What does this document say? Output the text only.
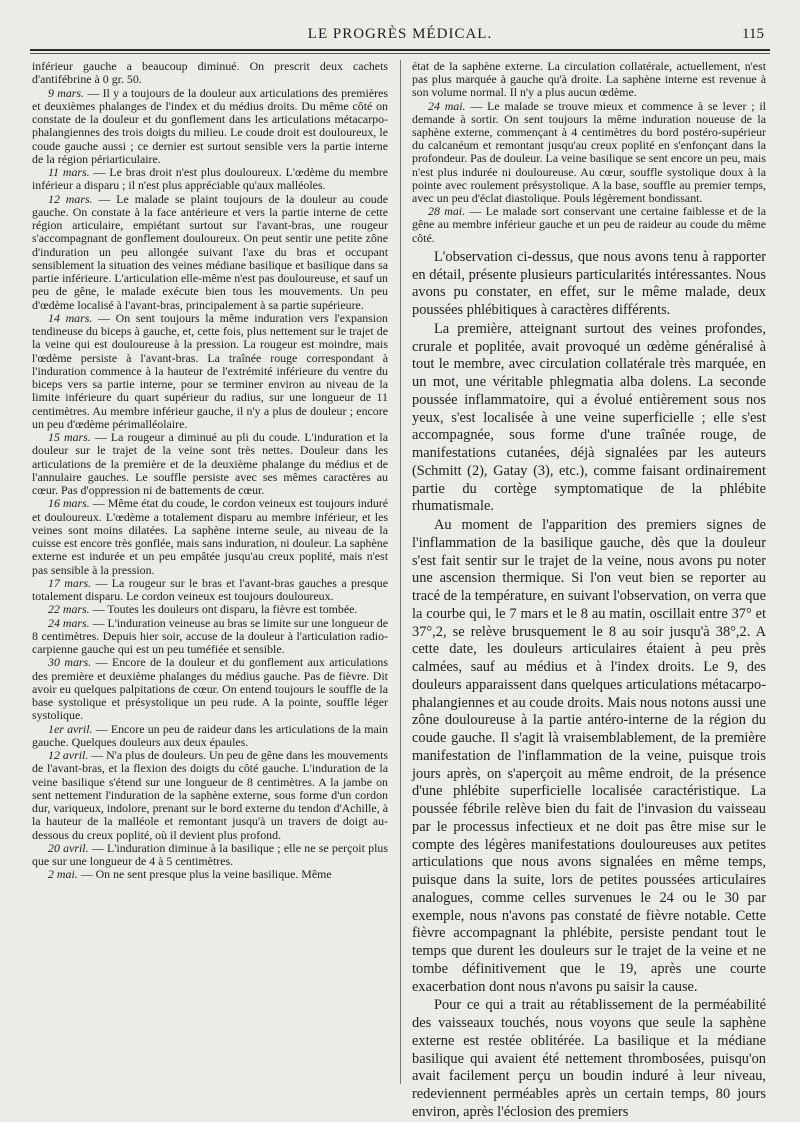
LE PROGRÈS MÉDICAL.	115

inférieur gauche a beaucoup diminué. On prescrit deux cachets d'antifébrine à 0 gr. 50.

9 mars. — Il y a toujours de la douleur aux articulations des premières et deuxièmes phalanges de l'index et du médius droits. Du même côté on constate de la douleur et du gonflement dans les articulations métacarpo-phalangiennes des trois doigts du milieu. Le coude droit est douloureux, le coude gauche aussi ; ce dernier est surtout sensible vers la partie interne de la région périarticulaire.

11 mars. — Le bras droit n'est plus douloureux. L'œdème du membre inférieur a disparu ; il n'est plus appréciable qu'aux malléoles.

12 mars. — Le malade se plaint toujours de la douleur au coude gauche. On constate à la face antérieure et vers la partie interne de cette région articulaire, empiétant surtout sur l'avant-bras, une rougeur s'accompagnant de gonflement douloureux. On peut sentir une petite zône d'induration un peu allongée suivant l'axe du bras et occupant sensiblement la situation des veines médiane basilique et basilique dans sa partie inférieure. L'articulation elle-même n'est pas douloureuse, et sauf un peu de gêne, le malade exécute bien tous les mouvements. Un peu d'œdème localisé à l'avant-bras, principalement à sa partie supérieure.

14 mars. — On sent toujours la même induration vers l'expansion tendineuse du biceps à gauche, et, cette fois, plus nettement sur le trajet de la veine qui est douloureuse à la pression. La rougeur est moindre, mais l'œdème persiste à l'avant-bras. La traînée rouge correspondant à l'induration commence à la hauteur de l'extrémité inférieure du ventre du biceps vers sa partie interne, pour se terminer environ au niveau de la limite inférieure du quart supérieur du radius, sur une longueur de 11 centimètres. Au membre inférieur gauche, il n'y a plus de douleur ; encore un peu d'œdème périmalléolaire.

15 mars. — La rougeur a diminué au pli du coude. L'induration et la douleur sur le trajet de la veine sont très nettes. Douleur dans les articulations de la première et de la deuxième phalange du médius et de l'annulaire gauches. Le souffle persiste avec ses mêmes caractères au cœur. Pas d'oppression ni de battements de cœur.

16 mars. — Même état du coude, le cordon veineux est toujours induré et douloureux. L'œdème a totalement disparu au membre inférieur, et les veines sont moins dilatées. La saphène interne seule, au niveau de la cuisse est encore très gonflée, mais sans induration, ni douleur. La saphène externe est indurée et un peu empâtée jusqu'au creux poplité, mais n'est pas sensible à la pression.

17 mars. — La rougeur sur le bras et l'avant-bras gauches a presque totalement disparu. Le cordon veineux est toujours douloureux.

22 mars. — Toutes les douleurs ont disparu, la fièvre est tombée.

24 mars. — L'induration veineuse au bras se limite sur une longueur de 8 centimètres. Depuis hier soir, accuse de la douleur à l'articulation radio-carpienne gauche qui est un peu tuméfiée et sensible.

30 mars. — Encore de la douleur et du gonflement aux articulations des première et deuxième phalanges du médius gauche. Pas de fièvre. Dit avoir eu quelques palpitations de cœur. On entend toujours le souffle de la base systolique et présystolique un peu rude. A la pointe, souffle léger systolique.

1er avril. — Encore un peu de raideur dans les articulations de la main gauche. Quelques douleurs aux deux épaules.

12 avril. — N'a plus de douleurs. Un peu de gêne dans les mouvements de l'avant-bras, et la flexion des doigts du côté gauche. L'induration de la veine basilique s'étend sur une longueur de 8 centimètres. A la jambe on sent nettement l'induration de la saphène externe, sous forme d'un cordon dur, variqueux, indolore, prenant sur le bord externe du tendon d'Achille, à la hauteur de la malléole et remontant jusqu'à un travers de doigt au-dessous du creux poplité, où il devient plus profond.

20 avril. — L'induration diminue à la basilique ; elle ne se perçoit plus que sur une longueur de 4 à 5 centimètres.

2 mai. — On ne sent presque plus la veine basilique. Même

état de la saphène externe. La circulation collatérale, actuellement, n'est pas plus marquée à gauche qu'à droite. La saphène interne est revenue à son volume normal. Il n'y a plus aucun œdème.

24 mai. — Le malade se trouve mieux et commence à se lever ; il demande à sortir. On sent toujours la même induration noueuse de la saphène externe, commençant à 4 centimètres du bord postéro-supérieur du calcanéum et remontant jusqu'au creux poplité en s'enfonçant dans la profondeur. Pas de douleur. La veine basilique se sent encore un peu, mais n'est plus indurée ni douloureuse. Au cœur, souffle systolique doux à la pointe avec roulement présystolique. A la base, souffle au premier temps, avec un peu d'éclat diastolique. Pouls légèrement bondissant.

28 mai. — Le malade sort conservant une certaine faiblesse et de la gêne au membre inférieur gauche et un peu de raideur au coude du même côté.

L'observation ci-dessus, que nous avons tenu à rapporter en détail, présente plusieurs particularités intéressantes. Nous avons pu constater, en effet, sur le même malade, deux poussées phlébitiques à caractères différents.

La première, atteignant surtout des veines profondes, crurale et poplitée, avait provoqué un œdème généralisé à tout le membre, avec circulation collatérale très marquée, en un mot, une véritable phlegmatia alba dolens. La seconde poussée inflammatoire, qui a évolué entièrement sous nos yeux, s'est localisée à une veine superficielle ; elle s'est accompagnée, sous forme d'une traînée rouge, de manifestations cutanées, déjà signalées par les auteurs (Schmitt (2), Gatay (3), etc.), comme faisant ordinairement partie du cortège symptomatique de la phlébite rhumatismale.

Au moment de l'apparition des premiers signes de l'inflammation de la basilique gauche, dès que la douleur s'est fait sentir sur le trajet de la veine, nous avons pu noter une ascension thermique. Si l'on veut bien se reporter au tracé de la température, en suivant l'observation, on verra que la courbe qui, le 7 mars et le 8 au matin, oscillait entre 37° et 37°,2, se relève brusquement le 8 au soir jusqu'à 38°,2. A cette date, les douleurs articulaires étaient à peu près calmées, sauf au médius et à l'index droits. Le 9, des douleurs apparaissent dans quelques articulations métacarpo-phalangiennes et au coude droits. Mais nous notons aussi une zône douloureuse à la partie antéro-interne de la région du coude gauche. Il s'agit là vraisemblablement, de la première manifestation de l'inflammation de la veine, puisque trois jours après, on s'aperçoit au même endroit, de la présence d'une phlébite superficielle localisée caractéristique. La poussée fébrile relève bien du fait de l'invasion du vaisseau par le processus infectieux et ne doit pas être mise sur le compte des légères manifestations douloureuses aux petites articulations que nous avons signalées en même temps, puisque dans la suite, lors de petites poussées articulaires analogues, comme celles survenues le 24 ou le 30 par exemple, nous n'avons pas constaté de fièvre notable. Cette fièvre accompagnant la phlébite, persiste pendant tout le temps que durent les douleurs sur le trajet de la veine et ne tombe définitivement que le 19, après une courte exacerbation dont nous n'avons pu saisir la cause.

Pour ce qui a trait au rétablissement de la perméabilité des vaisseaux touchés, nous voyons que seule la saphène externe est restée oblitérée. La basilique et la médiane basilique qui avaient été nettement thrombosées, puisqu'on avait facilement perçu un boudin induré à leur niveau, redeviennent perméables après un certain temps, 80 jours environ, après l'éclosion des premiers
